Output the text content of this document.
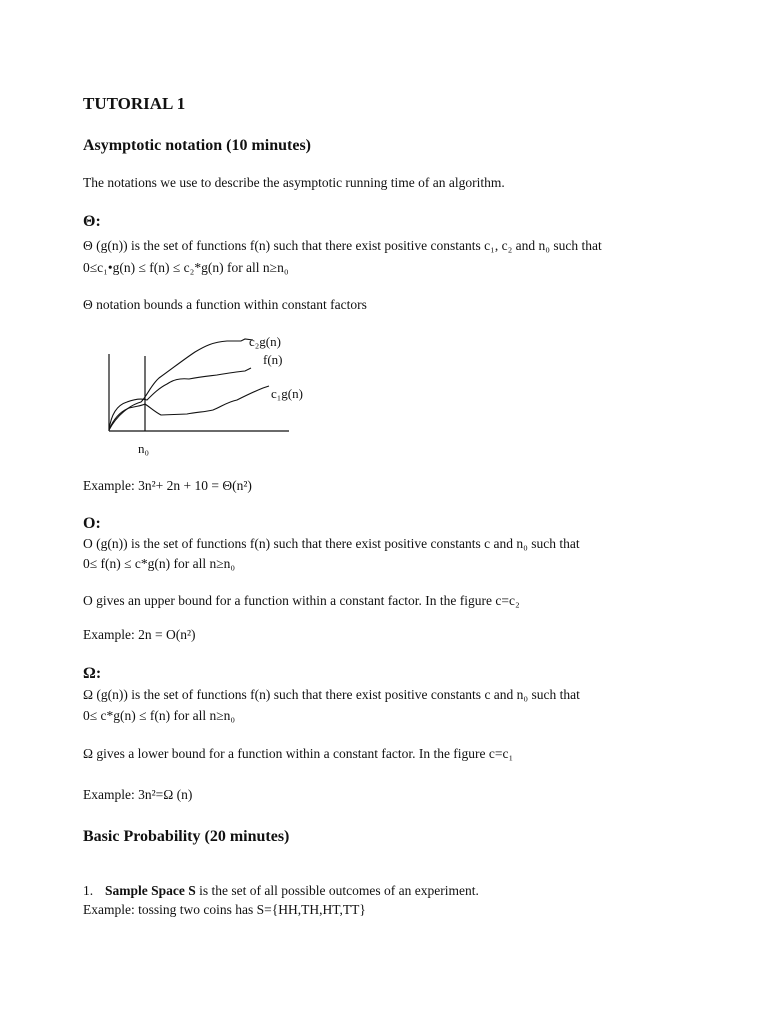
TUTORIAL 1
Asymptotic notation (10 minutes)
The notations we use to describe the asymptotic running time of an algorithm.
Θ:
Θ (g(n)) is the set of functions f(n) such that there exist positive constants c₁, c₂ and n₀ such that
0≤c₁•g(n) ≤ f(n) ≤ c₂*g(n) for all n≥n₀
Θ notation bounds a function within constant factors
c₂g(n)
f(n)
c₁g(n)
n₀
Example: 3n²+ 2n + 10 = Θ(n²)
O:
O (g(n)) is the set of functions f(n) such that there exist positive constants c and n₀ such that
0≤ f(n) ≤ c*g(n) for all n≥n₀
O gives an upper bound for a function within a constant factor. In the figure c=c₂
Example: 2n = O(n²)
Ω:
Ω (g(n)) is the set of functions f(n) such that there exist positive constants c and n₀ such that
0≤ c*g(n) ≤ f(n) for all n≥n₀
Ω gives a lower bound for a function within a constant factor. In the figure c=c₁
Example: 3n²=Ω (n)
Basic Probability (20 minutes)
1. Sample Space S is the set of all possible outcomes of an experiment.
Example: tossing two coins has S={HH,TH,HT,TT}
